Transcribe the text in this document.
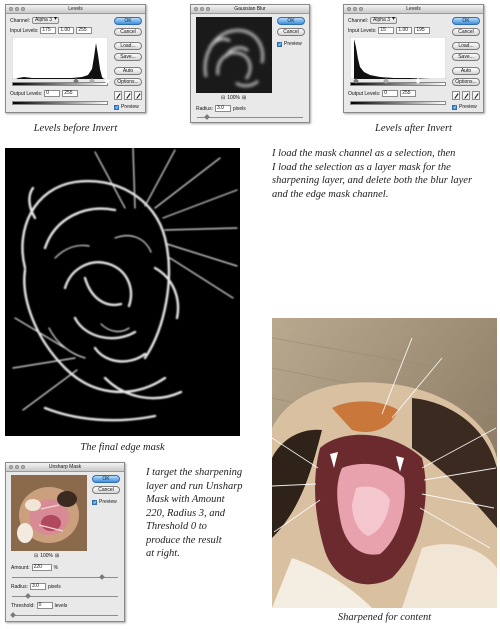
Levels
Channel:	Alpha 3 ▾
Input Levels: 175	1.00	255
Output Levels: 0	255
OK
Cancel
Load...
Save...
Auto
Options...
✓ Preview
Gaussian Blur
⊟ 100% ⊞
OK
Cancel
✓ Preview
Radius: 3.0	pixels
Levels
Channel:	Alpha 3 ▾
Input Levels: 15	1.00	195
Output Levels: 0	255
OK
Cancel
Load...
Save...
Auto
Options...
✓ Preview
Levels before Invert	Levels after Invert
I load the mask channel as a selection, then
I load the selection as a layer mask for the
sharpening layer, and delete both the blur layer
and the edge mask channel.
The final edge mask
Unsharp Mask
⊟ 100% ⊞
OK
Cancel
✓ Preview
Amount: 220	%
Radius: 3.0	pixels
Threshold: 0	levels
I target the sharpening
layer and run Unsharp
Mask with Amount
220, Radius 3, and
Threshold 0 to
produce the result
at right.
Sharpened for content
